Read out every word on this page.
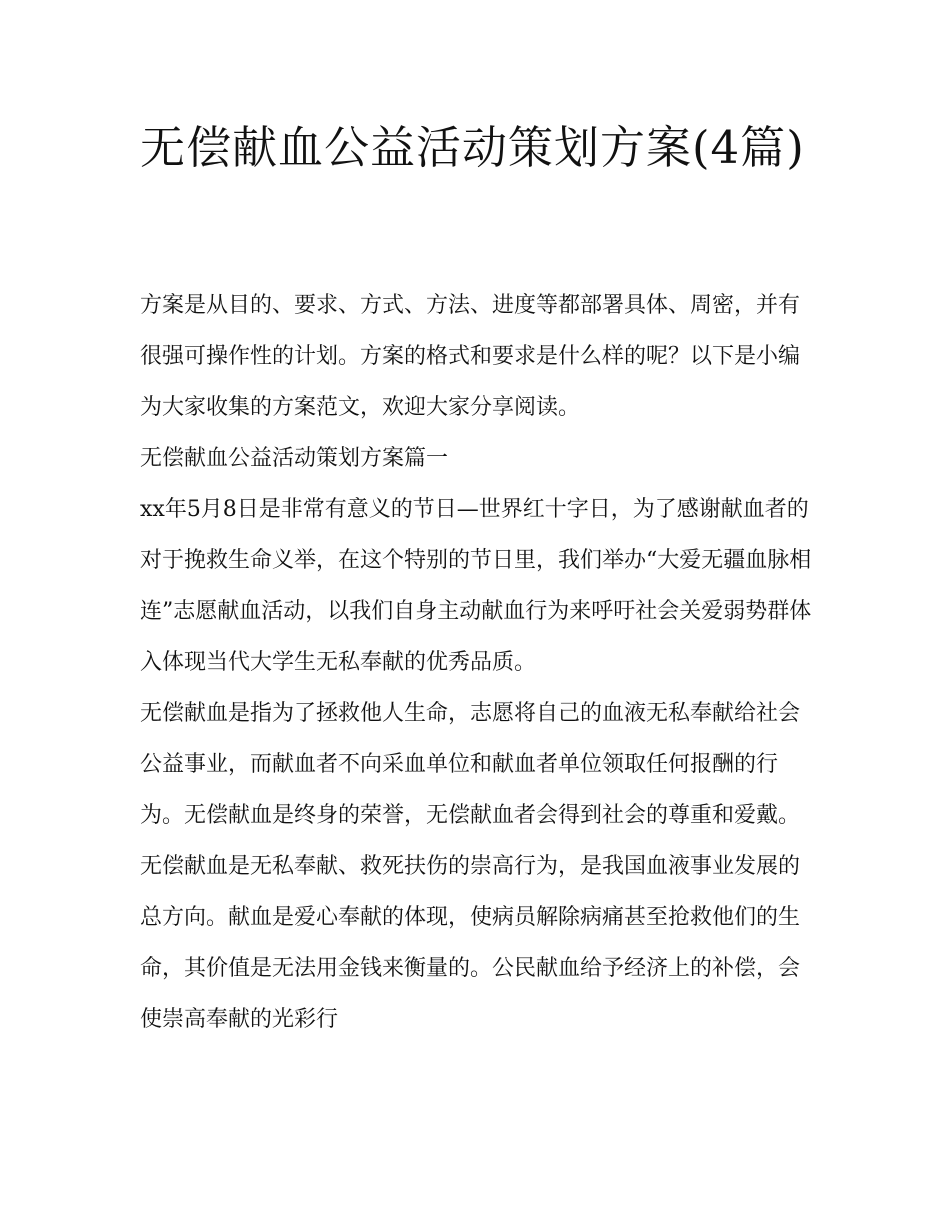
无偿献血公益活动策划方案(4篇)

方案是从目的、要求、方式、方法、进度等都部署具体、周密，并有很强可操作性的计划。方案的格式和要求是什么样的呢？以下是小编为大家收集的方案范文，欢迎大家分享阅读。

无偿献血公益活动策划方案篇一

xx年5月8日是非常有意义的节日—世界红十字日，为了感谢献血者的对于挽救生命义举，在这个特别的节日里，我们举办“大爱无疆血脉相连”志愿献血活动，以我们自身主动献血行为来呼吁社会关爱弱势群体入体现当代大学生无私奉献的优秀品质。

无偿献血是指为了拯救他人生命，志愿将自己的血液无私奉献给社会公益事业，而献血者不向采血单位和献血者单位领取任何报酬的行为。无偿献血是终身的荣誉，无偿献血者会得到社会的尊重和爱戴。无偿献血是无私奉献、救死扶伤的崇高行为，是我国血液事业发展的总方向。献血是爱心奉献的体现，使病员解除病痛甚至抢救他们的生命，其价值是无法用金钱来衡量的。公民献血给予经济上的补偿，会使崇高奉献的光彩行
